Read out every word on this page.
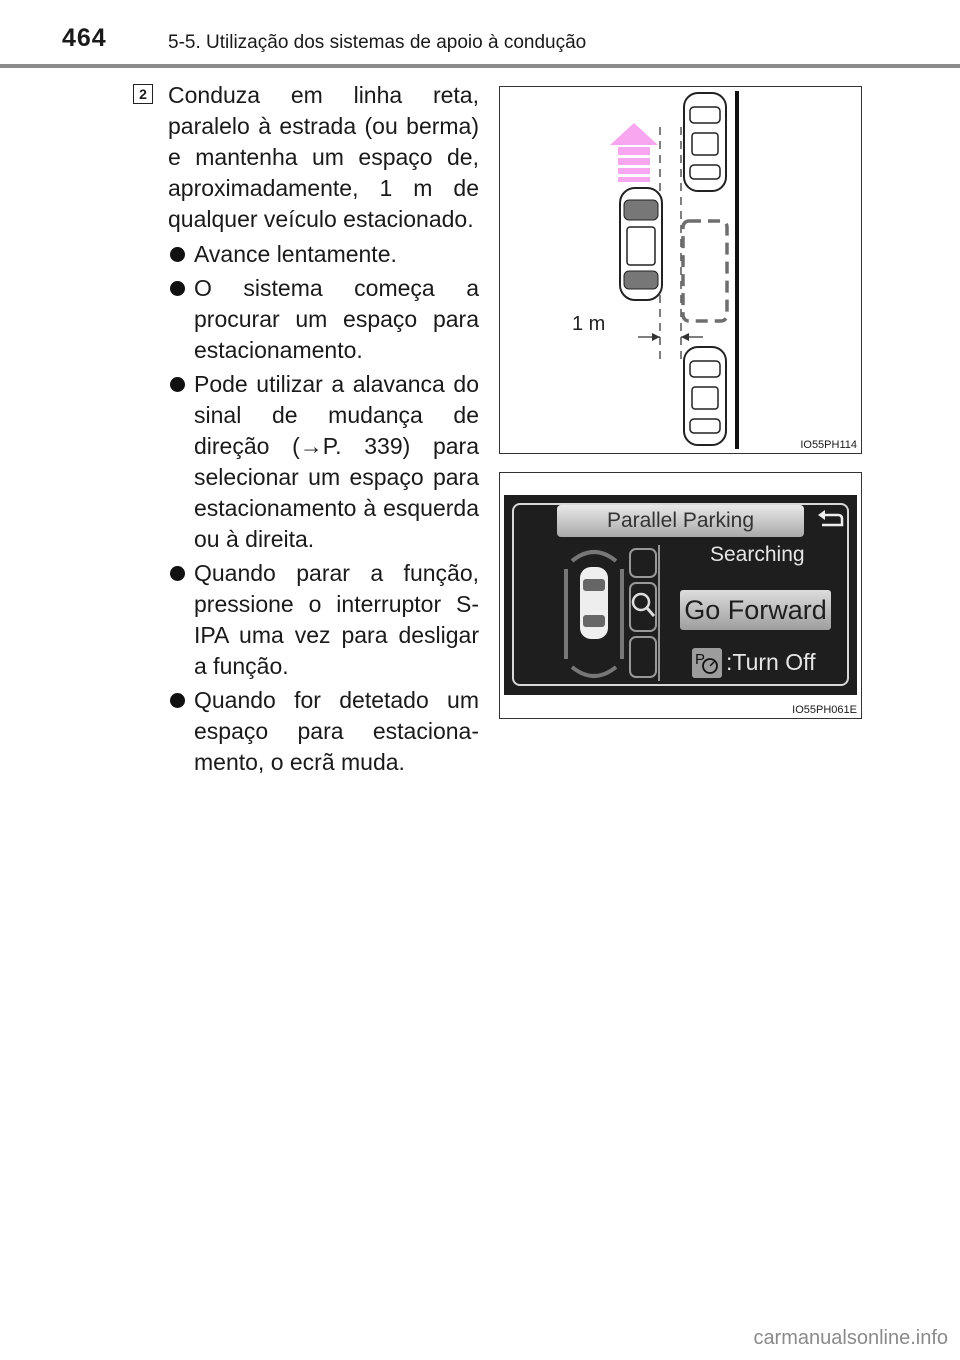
464	5-5. Utilização dos sistemas de apoio à condução
2 Conduza em linha reta, paralelo à estrada (ou berma) e mantenha um espaço de, aproximadamente, 1 m de qualquer veículo estacionado.

Avance lentamente.
O sistema começa a procurar um espaço para estacionamento.
Pode utilizar a alavanca do sinal de mudança de direção (→P. 339) para selecionar um espaço para estacionamento à esquerda ou à direita.
Quando parar a função, pressione o interruptor S-IPA uma vez para desligar a função.
Quando for detetado um espaço para estaciona-mento, o ecrã muda.
1 m
IO55PH114
Parallel Parking
Searching
Go Forward
P :Turn Off
IO55PH061E
carmanualsonline.info
